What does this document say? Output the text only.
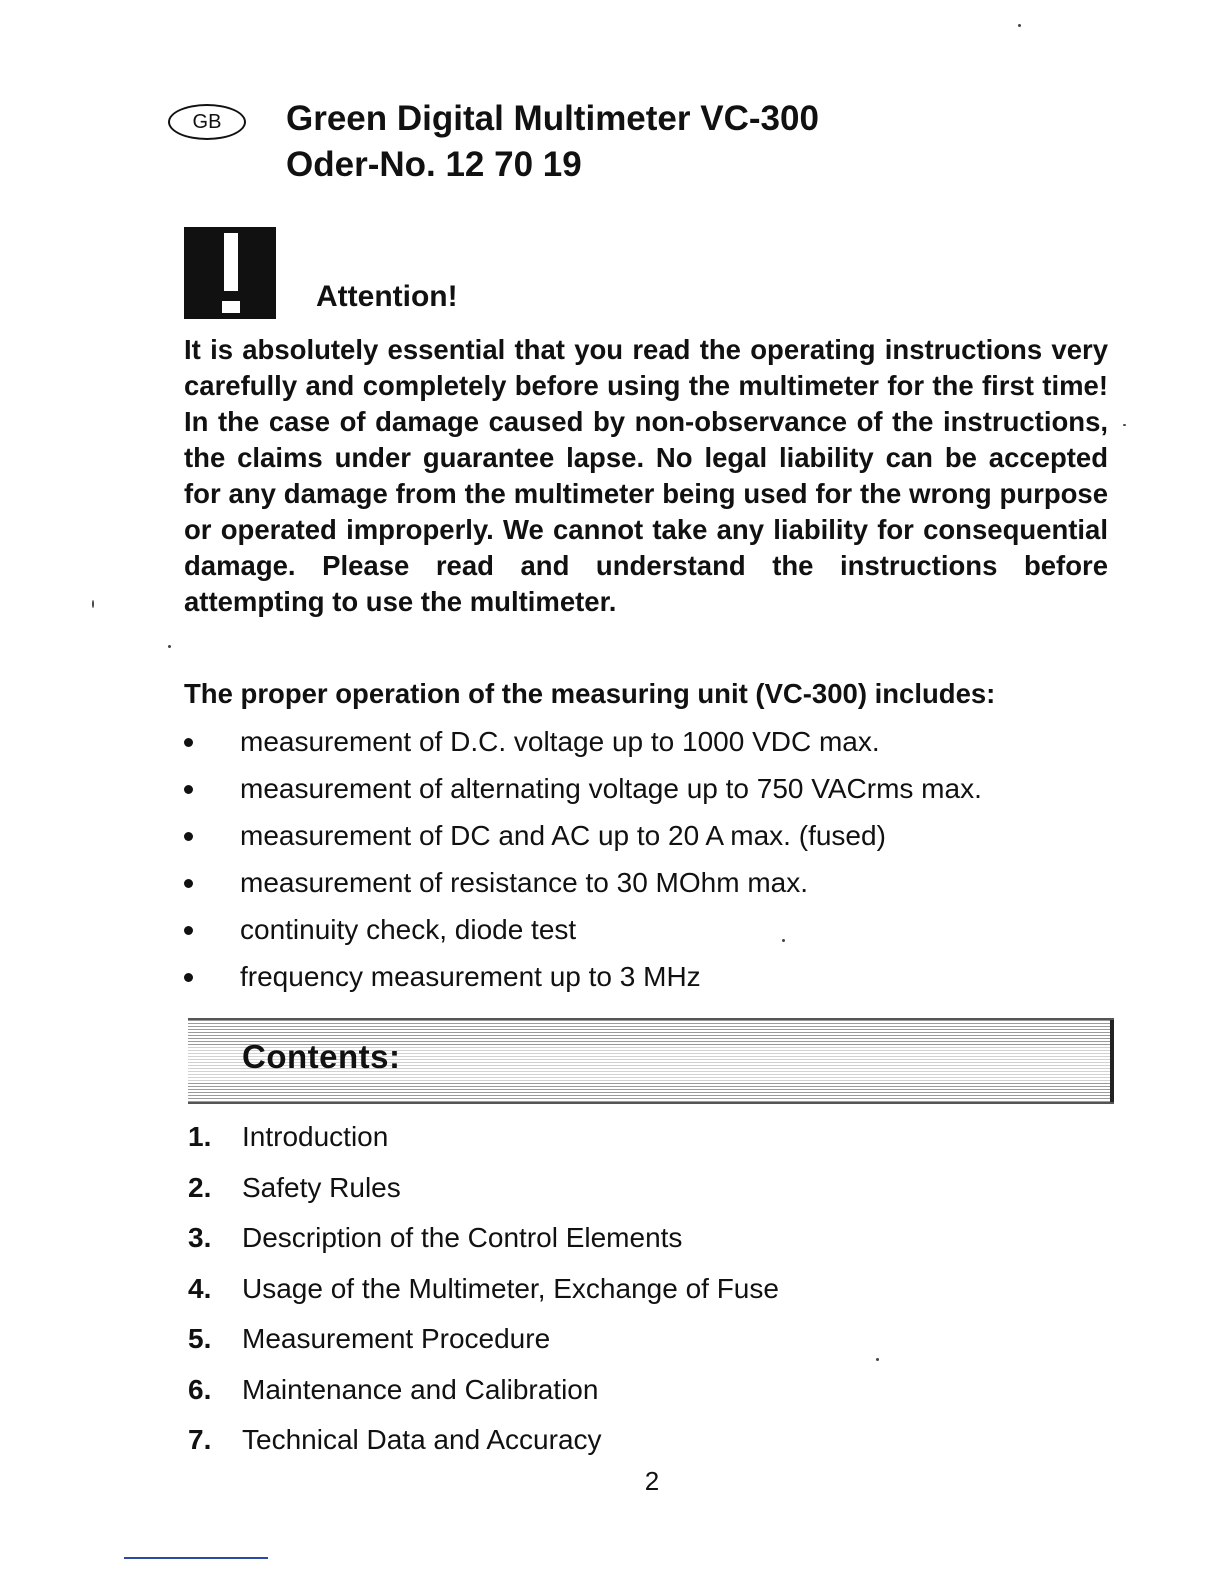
GB Green Digital Multimeter VC-300
Oder-No. 12 70 19
Attention!

It is absolutely essential that you read the operating instructions very carefully and completely before using the multimeter for the first time! In the case of damage caused by non-observance of the instructions, the claims under guarantee lapse. No legal liability can be accepted for any damage from the multimeter being used for the wrong purpose or operated improperly. We cannot take any liability for consequential damage. Please read and understand the instructions before attempting to use the multimeter.

The proper operation of the measuring unit (VC-300) includes:
measurement of D.C. voltage up to 1000 VDC max.
measurement of alternating voltage up to 750 VACrms max.
measurement of DC and AC up to 20 A max. (fused)
measurement of resistance to 30 MOhm max.
continuity check, diode test
frequency measurement up to 3 MHz
Contents:
1. Introduction
2. Safety Rules
3. Description of the Control Elements
4. Usage of the Multimeter, Exchange of Fuse
5. Measurement Procedure
6. Maintenance and Calibration
7. Technical Data and Accuracy
2
